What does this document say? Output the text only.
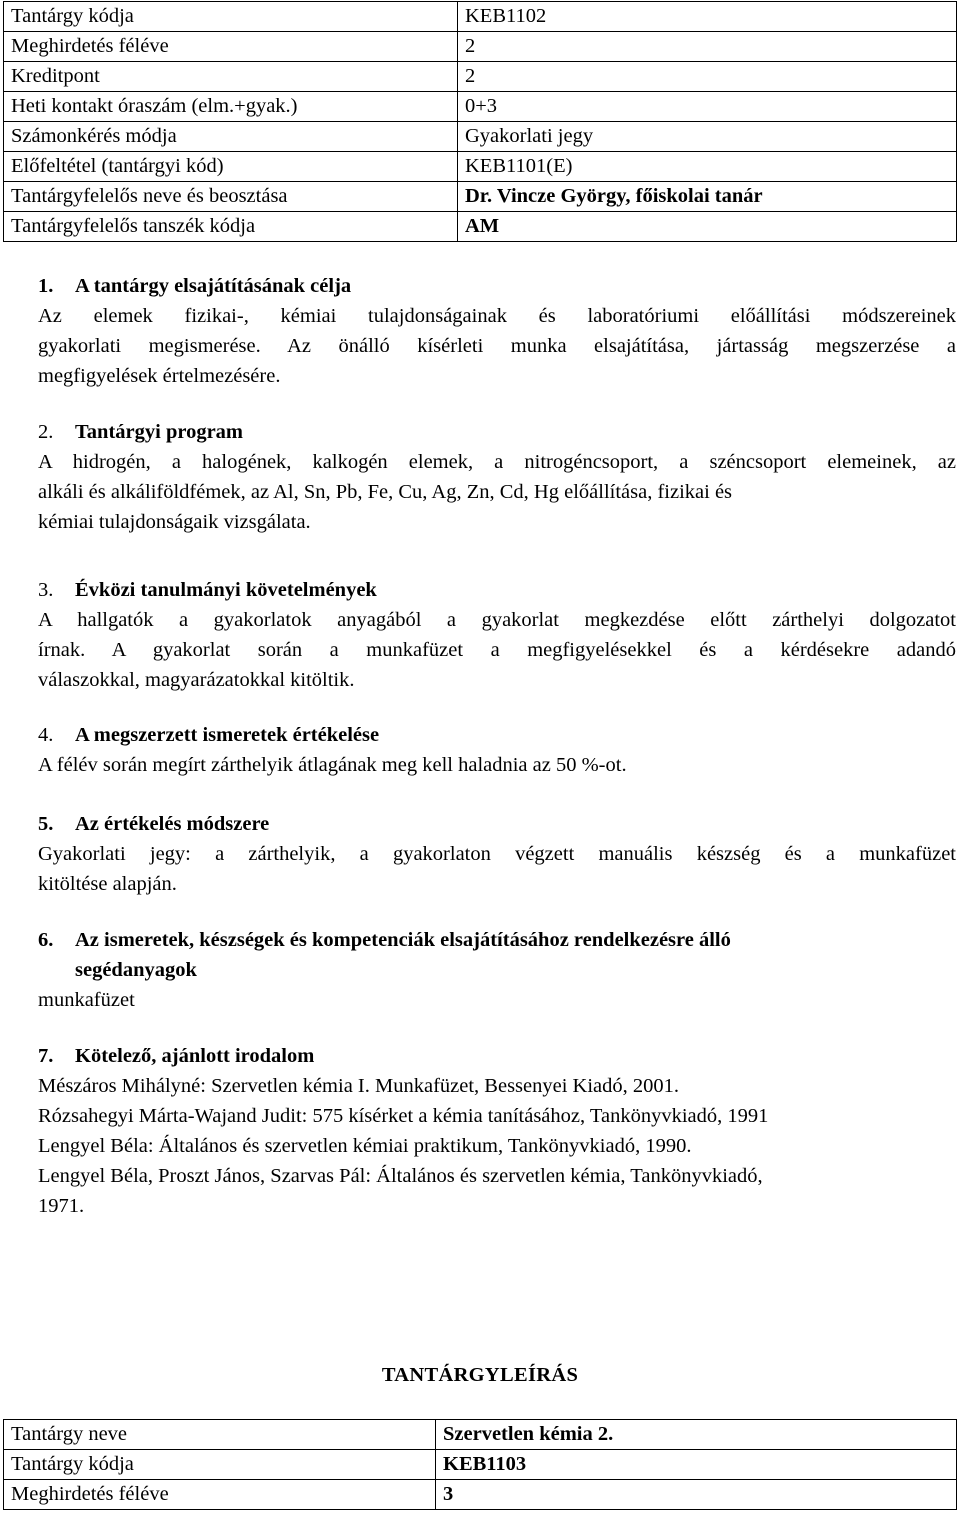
Tantárgy kódja	KEB1102
Meghirdetés féléve	2
Kreditpont	2
Heti kontakt óraszám (elm.+gyak.)	0+3
Számonkérés módja	Gyakorlati jegy
Előfeltétel (tantárgyi kód)	KEB1101(E)
Tantárgyfelelős neve és beosztása	Dr. Vincze György, főiskolai tanár
Tantárgyfelelős tanszék kódja	AM
1. A tantárgy elsajátításának célja
Az elemek fizikai-, kémiai tulajdonságainak és laboratóriumi előállítási módszereinek
gyakorlati megismerése. Az önálló kísérleti munka elsajátítása, jártasság megszerzése a
megfigyelések értelmezésére.
2. Tantárgyi program
A hidrogén, a halogének, kalkogén elemek, a nitrogéncsoport, a széncsoport elemeinek, az
alkáli és alkáliföldfémek, az Al, Sn, Pb, Fe, Cu, Ag, Zn, Cd, Hg előállítása, fizikai és
kémiai tulajdonságaik vizsgálata.
3. Évközi tanulmányi követelmények
A hallgatók a gyakorlatok anyagából a gyakorlat megkezdése előtt zárthelyi dolgozatot
írnak. A gyakorlat során a munkafüzet a megfigyelésekkel és a kérdésekre adandó
válaszokkal, magyarázatokkal kitöltik.
4. A megszerzett ismeretek értékelése
A félév során megírt zárthelyik átlagának meg kell haladnia az 50 %-ot.
5. Az értékelés módszere
Gyakorlati jegy: a zárthelyik, a gyakorlaton végzett manuális készség és a munkafüzet
kitöltése alapján.
6. Az ismeretek, készségek és kompetenciák elsajátításához rendelkezésre álló
segédanyagok
munkafüzet
7. Kötelező, ajánlott irodalom
Mészáros Mihályné: Szervetlen kémia I. Munkafüzet, Bessenyei Kiadó, 2001.
Rózsahegyi Márta-Wajand Judit: 575 kísérket a kémia tanításához, Tankönyvkiadó, 1991
Lengyel Béla: Általános és szervetlen kémiai praktikum, Tankönyvkiadó, 1990.
Lengyel Béla, Proszt János, Szarvas Pál: Általános és szervetlen kémia, Tankönyvkiadó,
1971.
TANTÁRGYLEÍRÁS
Tantárgy neve	Szervetlen kémia 2.
Tantárgy kódja	KEB1103
Meghirdetés féléve	3
